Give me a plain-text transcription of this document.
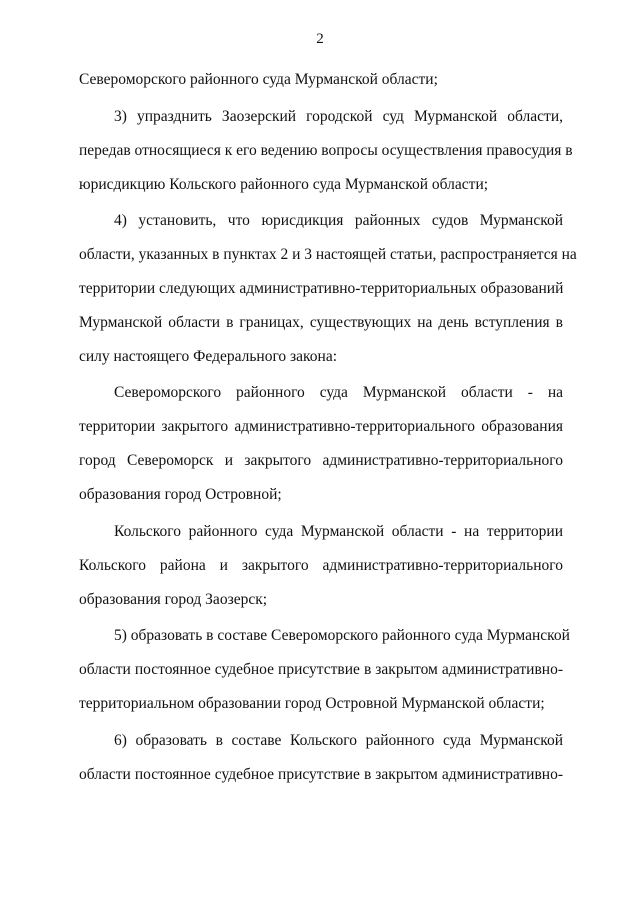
2
Североморского районного суда Мурманской области;
3) упразднить Заозерский городской суд Мурманской области,
передав относящиеся к его ведению вопросы осуществления правосудия в
юрисдикцию Кольского районного суда Мурманской области;
4) установить, что юрисдикция районных судов Мурманской
области, указанных в пунктах 2 и 3 настоящей статьи, распространяется на
территории следующих административно-территориальных образований
Мурманской области в границах, существующих на день вступления в
силу настоящего Федерального закона:
Североморского районного суда Мурманской области - на
территории закрытого административно-территориального образования
город Североморск и закрытого административно-территориального
образования город Островной;
Кольского районного суда Мурманской области - на территории
Кольского района и закрытого административно-территориального
образования город Заозерск;
5) образовать в составе Североморского районного суда Мурманской
области постоянное судебное присутствие в закрытом административно-
территориальном образовании город Островной Мурманской области;
6) образовать в составе Кольского районного суда Мурманской
области постоянное судебное присутствие в закрытом административно-
